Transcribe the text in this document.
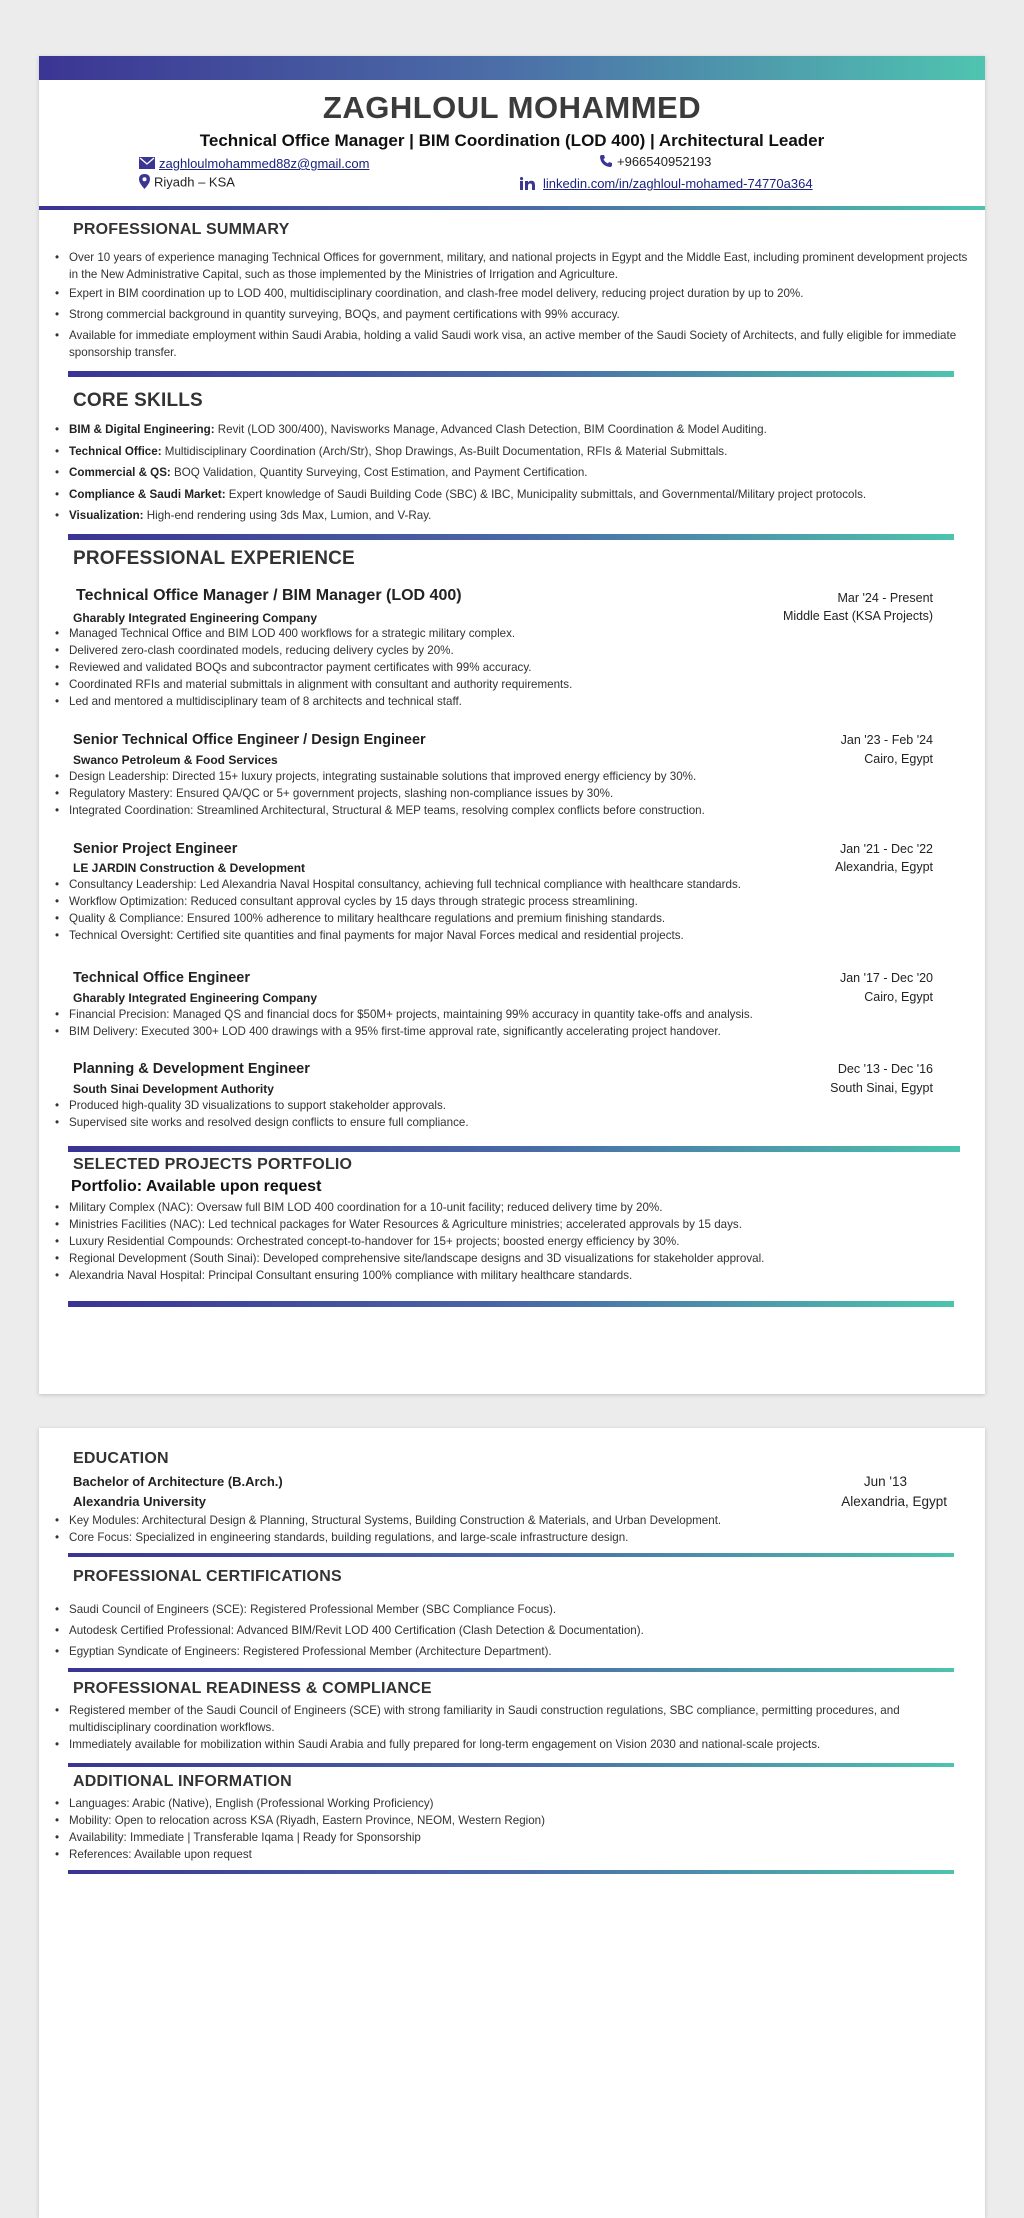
ZAGHLOUL MOHAMMED
Technical Office Manager | BIM Coordination (LOD 400) | Architectural Leader
zaghloulmohammed88z@gmail.com	+966540952193
Riyadh – KSA	linkedin.com/in/zaghloul-mohamed-74770a364
PROFESSIONAL SUMMARY
• Over 10 years of experience managing Technical Offices for government, military, and national projects in Egypt and the Middle East, including prominent development projects in the New Administrative Capital, such as those implemented by the Ministries of Irrigation and Agriculture.
• Expert in BIM coordination up to LOD 400, multidisciplinary coordination, and clash-free model delivery, reducing project duration by up to 20%.
• Strong commercial background in quantity surveying, BOQs, and payment certifications with 99% accuracy.
• Available for immediate employment within Saudi Arabia, holding a valid Saudi work visa, an active member of the Saudi Society of Architects, and fully eligible for immediate sponsorship transfer.
CORE SKILLS
• BIM & Digital Engineering: Revit (LOD 300/400), Navisworks Manage, Advanced Clash Detection, BIM Coordination & Model Auditing.
• Technical Office: Multidisciplinary Coordination (Arch/Str), Shop Drawings, As-Built Documentation, RFIs & Material Submittals.
• Commercial & QS: BOQ Validation, Quantity Surveying, Cost Estimation, and Payment Certification.
• Compliance & Saudi Market: Expert knowledge of Saudi Building Code (SBC) & IBC, Municipality submittals, and Governmental/Military project protocols.
• Visualization: High-end rendering using 3ds Max, Lumion, and V-Ray.
PROFESSIONAL EXPERIENCE
Technical Office Manager / BIM Manager (LOD 400)
Gharably Integrated Engineering Company
Mar '24 - Present
Middle East (KSA Projects)
• Managed Technical Office and BIM LOD 400 workflows for a strategic military complex.
• Delivered zero-clash coordinated models, reducing delivery cycles by 20%.
• Reviewed and validated BOQs and subcontractor payment certificates with 99% accuracy.
• Coordinated RFIs and material submittals in alignment with consultant and authority requirements.
• Led and mentored a multidisciplinary team of 8 architects and technical staff.
Senior Technical Office Engineer / Design Engineer
Swanco Petroleum & Food Services
Jan '23 - Feb '24
Cairo, Egypt
• Design Leadership: Directed 15+ luxury projects, integrating sustainable solutions that improved energy efficiency by 30%.
• Regulatory Mastery: Ensured QA/QC or 5+ government projects, slashing non-compliance issues by 30%.
• Integrated Coordination: Streamlined Architectural, Structural & MEP teams, resolving complex conflicts before construction.
Senior Project Engineer
LE JARDIN Construction & Development
Jan '21 - Dec '22
Alexandria, Egypt
• Consultancy Leadership: Led Alexandria Naval Hospital consultancy, achieving full technical compliance with healthcare standards.
• Workflow Optimization: Reduced consultant approval cycles by 15 days through strategic process streamlining.
• Quality & Compliance: Ensured 100% adherence to military healthcare regulations and premium finishing standards.
• Technical Oversight: Certified site quantities and final payments for major Naval Forces medical and residential projects.
Technical Office Engineer
Gharably Integrated Engineering Company
Jan '17 - Dec '20
Cairo, Egypt
• Financial Precision: Managed QS and financial docs for $50M+ projects, maintaining 99% accuracy in quantity take-offs and analysis.
• BIM Delivery: Executed 300+ LOD 400 drawings with a 95% first-time approval rate, significantly accelerating project handover.
Planning & Development Engineer
South Sinai Development Authority
Dec '13 - Dec '16
South Sinai, Egypt
• Produced high-quality 3D visualizations to support stakeholder approvals.
• Supervised site works and resolved design conflicts to ensure full compliance.
SELECTED PROJECTS PORTFOLIO
Portfolio: Available upon request
• Military Complex (NAC): Oversaw full BIM LOD 400 coordination for a 10-unit facility; reduced delivery time by 20%.
• Ministries Facilities (NAC): Led technical packages for Water Resources & Agriculture ministries; accelerated approvals by 15 days.
• Luxury Residential Compounds: Orchestrated concept-to-handover for 15+ projects; boosted energy efficiency by 30%.
• Regional Development (South Sinai): Developed comprehensive site/landscape designs and 3D visualizations for stakeholder approval.
• Alexandria Naval Hospital: Principal Consultant ensuring 100% compliance with military healthcare standards.
EDUCATION
Bachelor of Architecture (B.Arch.)
Alexandria University
Jun '13
Alexandria, Egypt
• Key Modules: Architectural Design & Planning, Structural Systems, Building Construction & Materials, and Urban Development.
• Core Focus: Specialized in engineering standards, building regulations, and large-scale infrastructure design.
PROFESSIONAL CERTIFICATIONS
• Saudi Council of Engineers (SCE): Registered Professional Member (SBC Compliance Focus).
• Autodesk Certified Professional: Advanced BIM/Revit LOD 400 Certification (Clash Detection & Documentation).
• Egyptian Syndicate of Engineers: Registered Professional Member (Architecture Department).
PROFESSIONAL READINESS & COMPLIANCE
• Registered member of the Saudi Council of Engineers (SCE) with strong familiarity in Saudi construction regulations, SBC compliance, permitting procedures, and multidisciplinary coordination workflows.
• Immediately available for mobilization within Saudi Arabia and fully prepared for long-term engagement on Vision 2030 and national-scale projects.
ADDITIONAL INFORMATION
• Languages: Arabic (Native), English (Professional Working Proficiency)
• Mobility: Open to relocation across KSA (Riyadh, Eastern Province, NEOM, Western Region)
• Availability: Immediate | Transferable Iqama | Ready for Sponsorship
• References: Available upon request
